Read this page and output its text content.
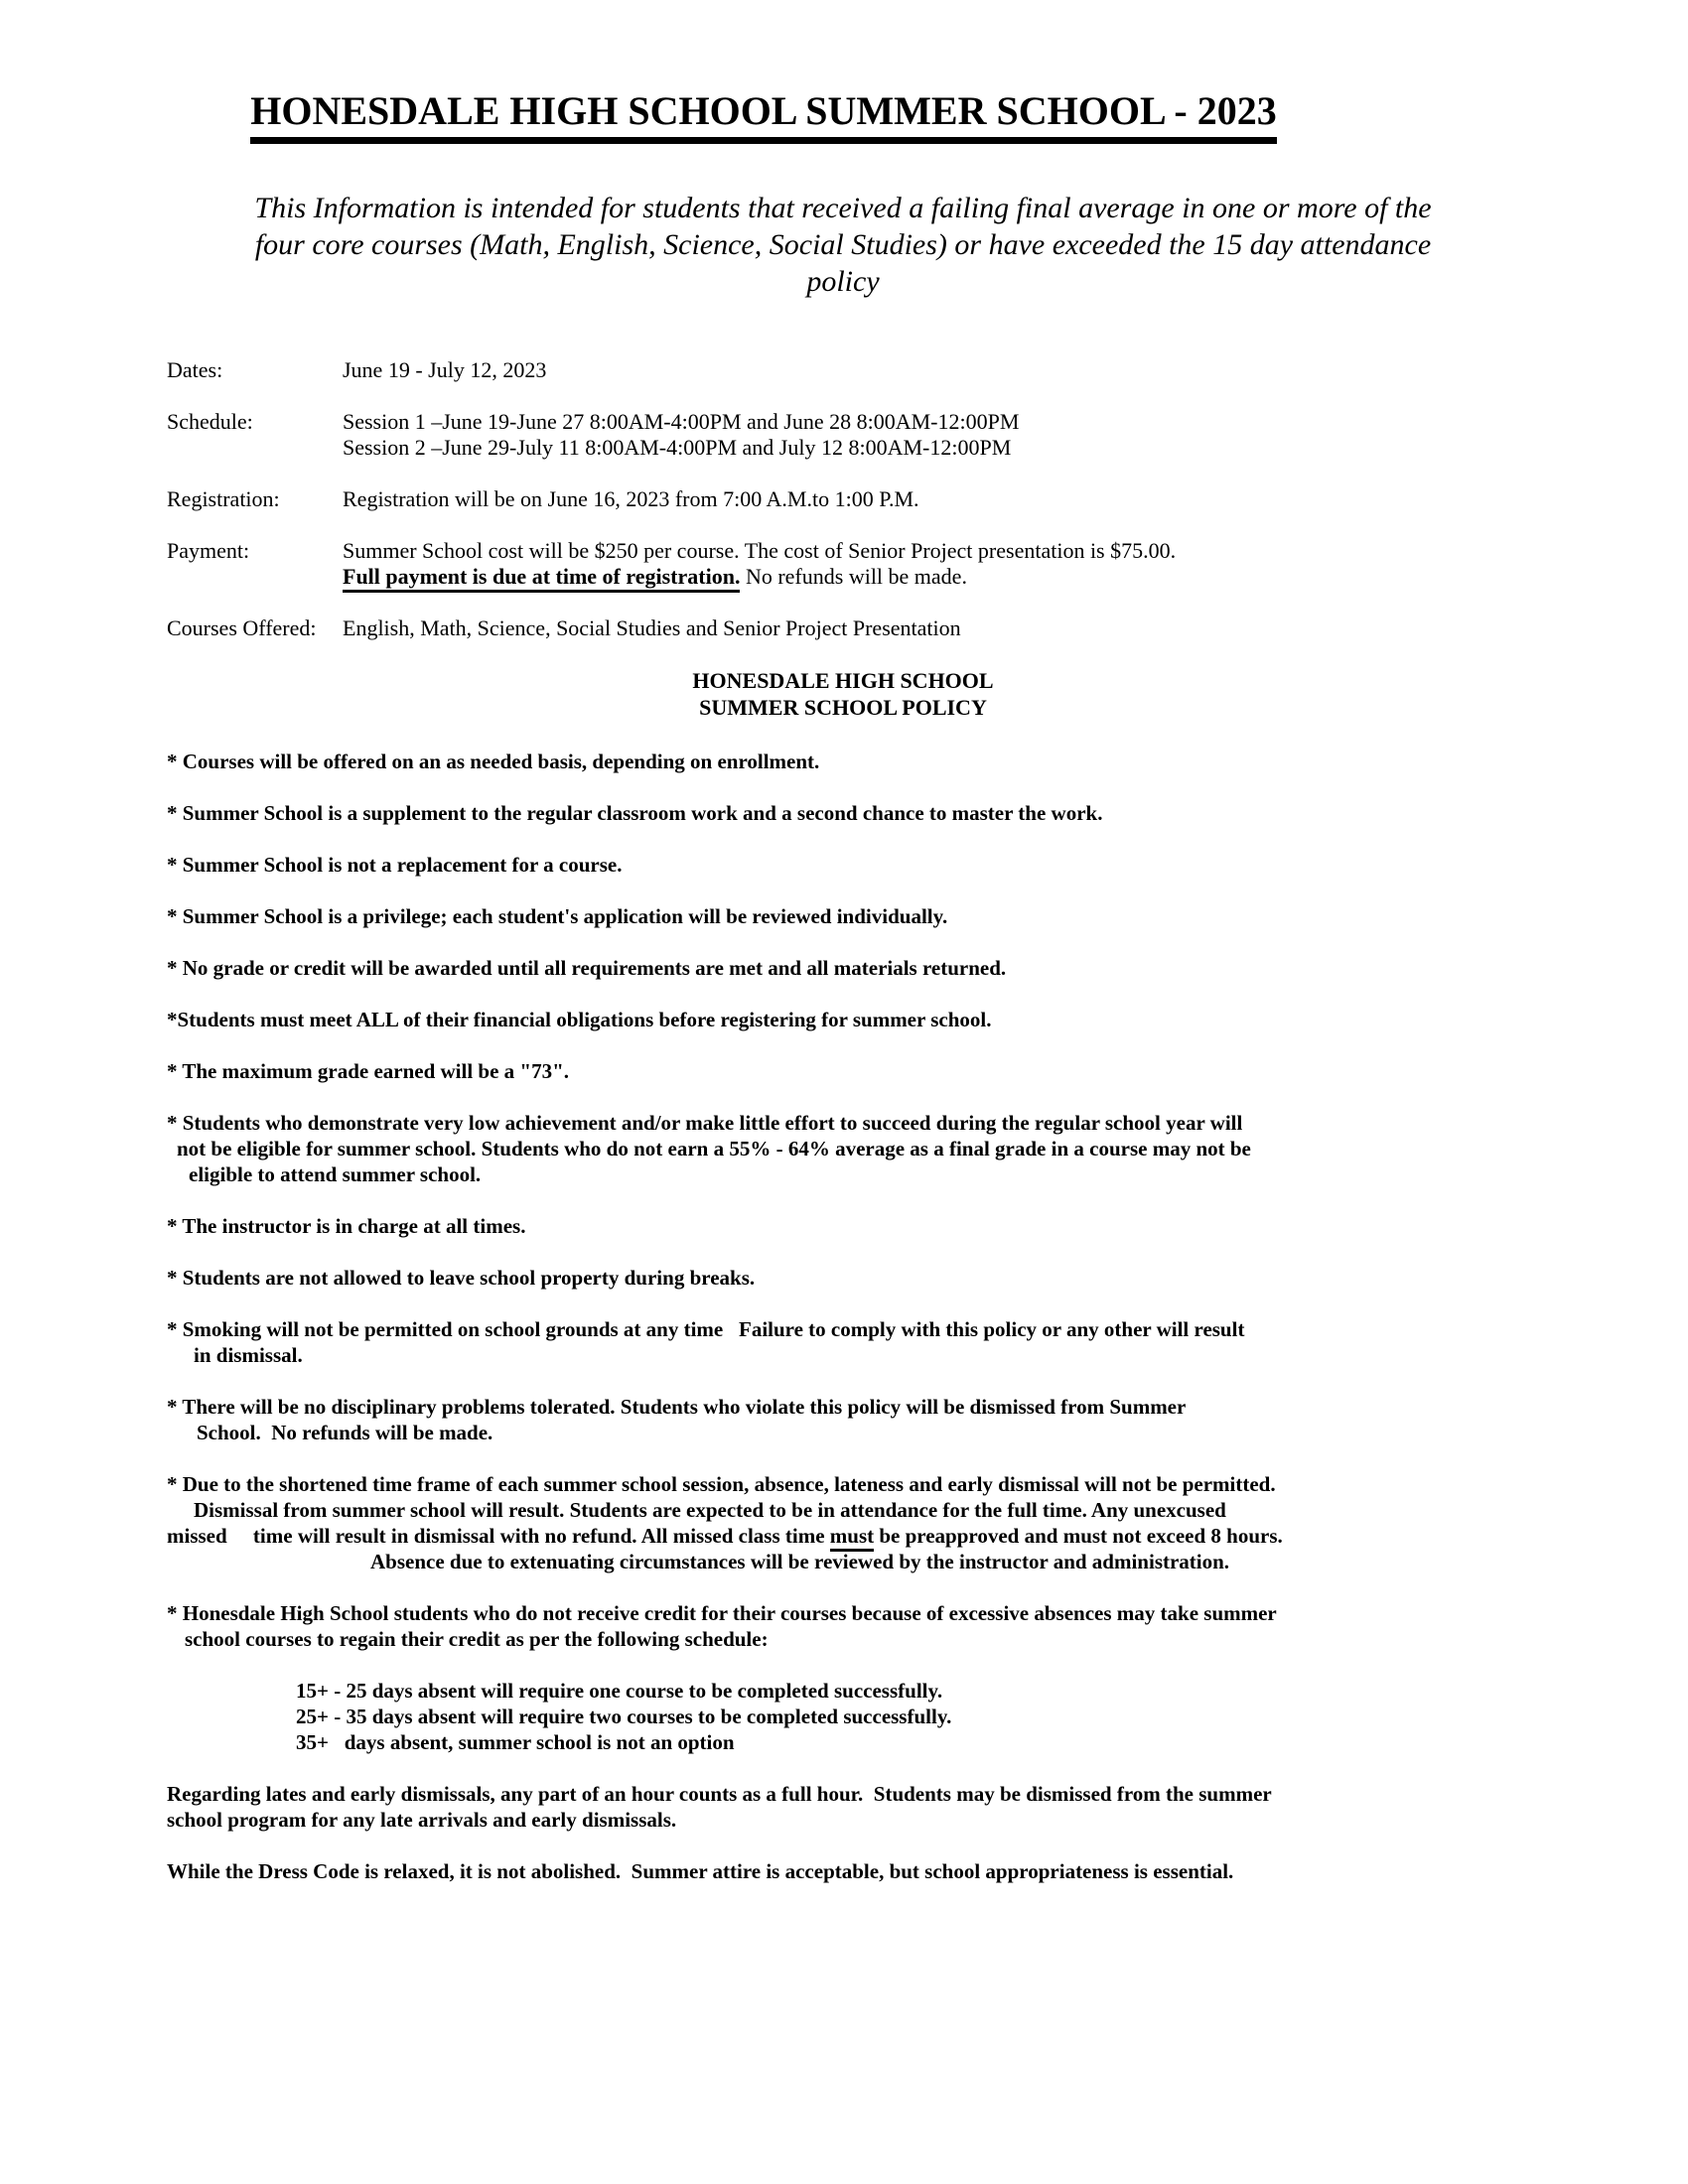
HONESDALE HIGH SCHOOL SUMMER SCHOOL - 2023
This Information is intended for students that received a failing final average in one or more of the
four core courses (Math, English, Science, Social Studies) or have exceeded the 15 day attendance
policy
Dates:	June 19 - July 12, 2023
Schedule:	Session 1 –June 19-June 27 8:00AM-4:00PM and June 28 8:00AM-12:00PM
Session 2 –June 29-July 11 8:00AM-4:00PM and July 12 8:00AM-12:00PM
Registration:	Registration will be on June 16, 2023 from 7:00 A.M.to 1:00 P.M.
Payment:	Summer School cost will be $250 per course. The cost of Senior Project presentation is $75.00.
Full payment is due at time of registration. No refunds will be made.
Courses Offered:	English, Math, Science, Social Studies and Senior Project Presentation
HONESDALE HIGH SCHOOL
SUMMER SCHOOL POLICY

* Courses will be offered on an as needed basis, depending on enrollment.

* Summer School is a supplement to the regular classroom work and a second chance to master the work.

* Summer School is not a replacement for a course.

* Summer School is a privilege; each student's application will be reviewed individually.

* No grade or credit will be awarded until all requirements are met and all materials returned.

*Students must meet ALL of their financial obligations before registering for summer school.

* The maximum grade earned will be a "73".

* Students who demonstrate very low achievement and/or make little effort to succeed during the regular school year will
not be eligible for summer school. Students who do not earn a 55% - 64% average as a final grade in a course may not be
eligible to attend summer school.

* The instructor is in charge at all times.

* Students are not allowed to leave school property during breaks.

* Smoking will not be permitted on school grounds at any time   Failure to comply with this policy or any other will result
in dismissal.

* There will be no disciplinary problems tolerated. Students who violate this policy will be dismissed from Summer
School.  No refunds will be made.

* Due to the shortened time frame of each summer school session, absence, lateness and early dismissal will not be permitted.
Dismissal from summer school will result. Students are expected to be in attendance for the full time. Any unexcused
missed     time will result in dismissal with no refund. All missed class time must be preapproved and must not exceed 8 hours.
Absence due to extenuating circumstances will be reviewed by the instructor and administration.

* Honesdale High School students who do not receive credit for their courses because of excessive absences may take summer
school courses to regain their credit as per the following schedule:

15+ - 25 days absent will require one course to be completed successfully.
25+ - 35 days absent will require two courses to be completed successfully.
35+   days absent, summer school is not an option

Regarding lates and early dismissals, any part of an hour counts as a full hour.  Students may be dismissed from the summer
school program for any late arrivals and early dismissals.

While the Dress Code is relaxed, it is not abolished.  Summer attire is acceptable, but school appropriateness is essential.
